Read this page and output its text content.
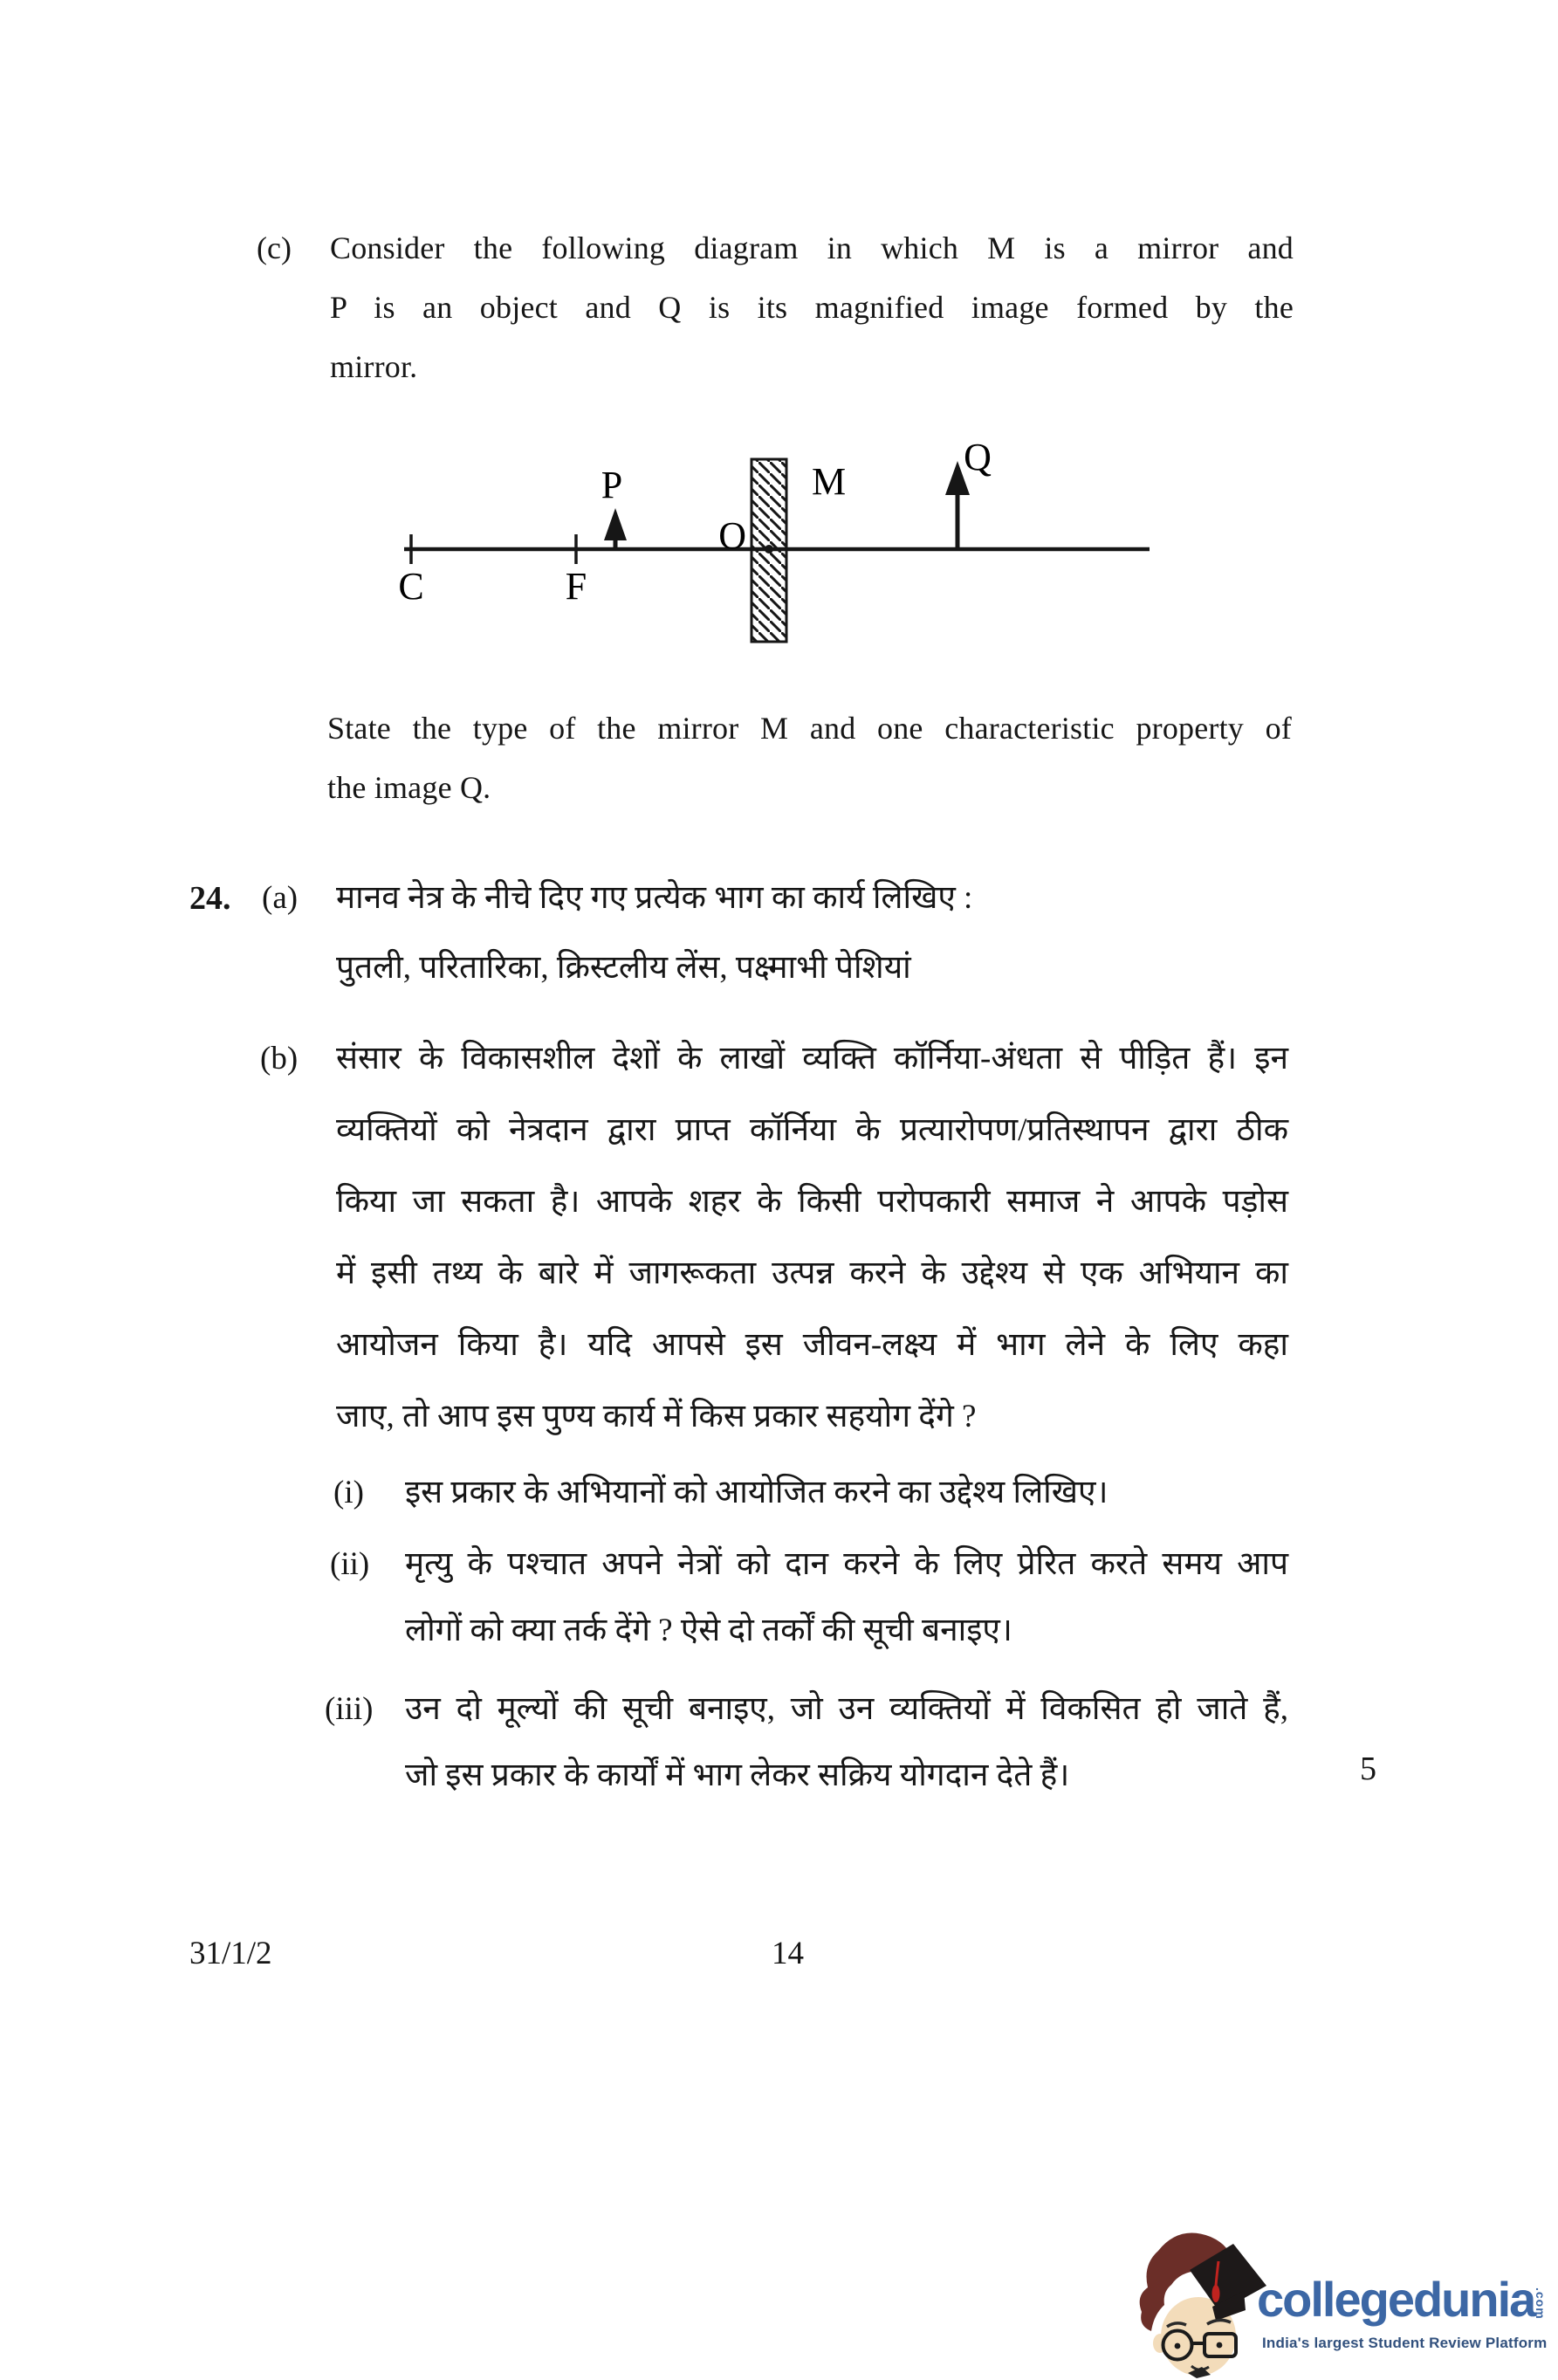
(c) Consider the following diagram in which M is a mirror and
P is an object and Q is its magnified image formed by the
mirror.
C	F
P
O
M
Q
State the type of the mirror M and one characteristic property of
the image Q.
24. (a) मानव नेत्र के नीचे दिए गए प्रत्येक भाग का कार्य लिखिए :
पुतली, परितारिका, क्रिस्टलीय लेंस, पक्ष्माभी पेशियां
(b) संसार के विकासशील देशों के लाखों व्यक्ति कॉर्निया-अंधता से पीड़ित हैं। इन
व्यक्तियों को नेत्रदान द्वारा प्राप्त कॉर्निया के प्रत्यारोपण/प्रतिस्थापन द्वारा ठीक
किया जा सकता है। आपके शहर के किसी परोपकारी समाज ने आपके पड़ोस
में इसी तथ्य के बारे में जागरूकता उत्पन्न करने के उद्देश्य से एक अभियान का
आयोजन किया है। यदि आपसे इस जीवन-लक्ष्य में भाग लेने के लिए कहा
जाए, तो आप इस पुण्य कार्य में किस प्रकार सहयोग देंगे ?
(i) इस प्रकार के अभियानों को आयोजित करने का उद्देश्य लिखिए।
(ii) मृत्यु के पश्चात अपने नेत्रों को दान करने के लिए प्रेरित करते समय आप
लोगों को क्या तर्क देंगे ? ऐसे दो तर्कों की सूची बनाइए।
(iii) उन दो मूल्यों की सूची बनाइए, जो उन व्यक्तियों में विकसित हो जाते हैं,
जो इस प्रकार के कार्यों में भाग लेकर सक्रिय योगदान देते हैं।	5
31/1/2	14
collegedunia
.com
India's largest Student Review Platform
